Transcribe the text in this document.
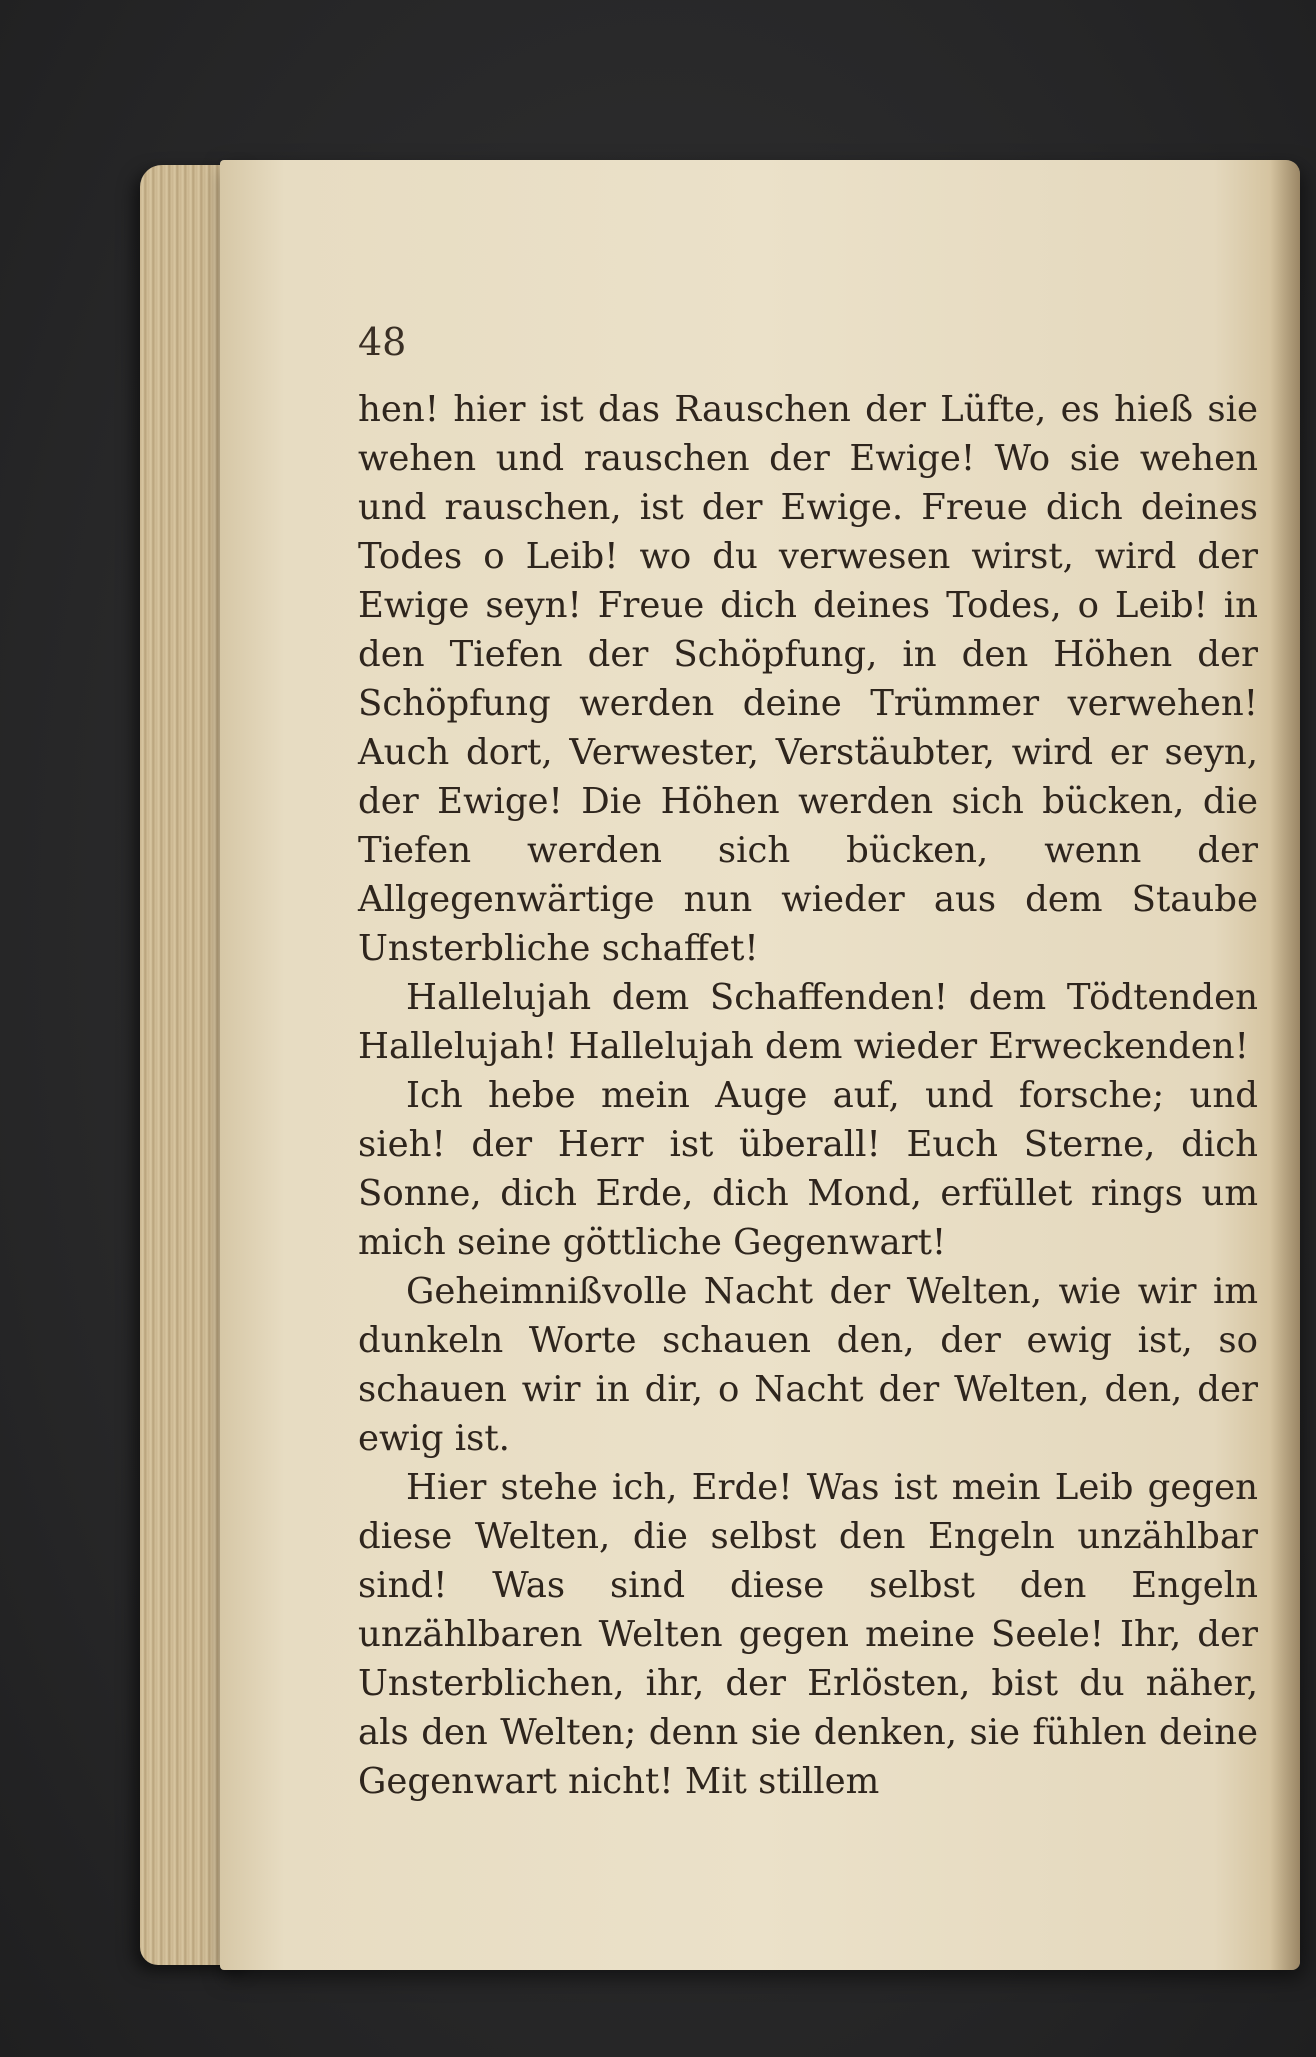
48

hen! hier ist das Rauschen der Lüfte, es hieß sie wehen und rauschen der Ewige! Wo sie wehen und rauschen, ist der Ewige. Freue dich deines Todes o Leib! wo du verwesen wirst, wird der Ewige seyn! Freue dich deines Todes, o Leib! in den Tiefen der Schöpfung, in den Höhen der Schöpfung werden deine Trümmer verwehen! Auch dort, Verwester, Verstäubter, wird er seyn, der Ewige! Die Höhen werden sich bücken, die Tiefen werden sich bücken, wenn der Allgegenwärtige nun wieder aus dem Staube Unsterbliche schaffet!

Hallelujah dem Schaffenden! dem Tödtenden Hallelujah! Hallelujah dem wieder Erweckenden!

Ich hebe mein Auge auf, und forsche; und sieh! der Herr ist überall! Euch Sterne, dich Sonne, dich Erde, dich Mond, erfüllet rings um mich seine göttliche Gegenwart!

Geheimnißvolle Nacht der Welten, wie wir im dunkeln Worte schauen den, der ewig ist, so schauen wir in dir, o Nacht der Welten, den, der ewig ist.

Hier stehe ich, Erde! Was ist mein Leib gegen diese Welten, die selbst den Engeln unzählbar sind! Was sind diese selbst den Engeln unzählbaren Welten gegen meine Seele! Ihr, der Unsterblichen, ihr, der Erlösten, bist du näher, als den Welten; denn sie denken, sie fühlen deine Gegenwart nicht! Mit stillem
